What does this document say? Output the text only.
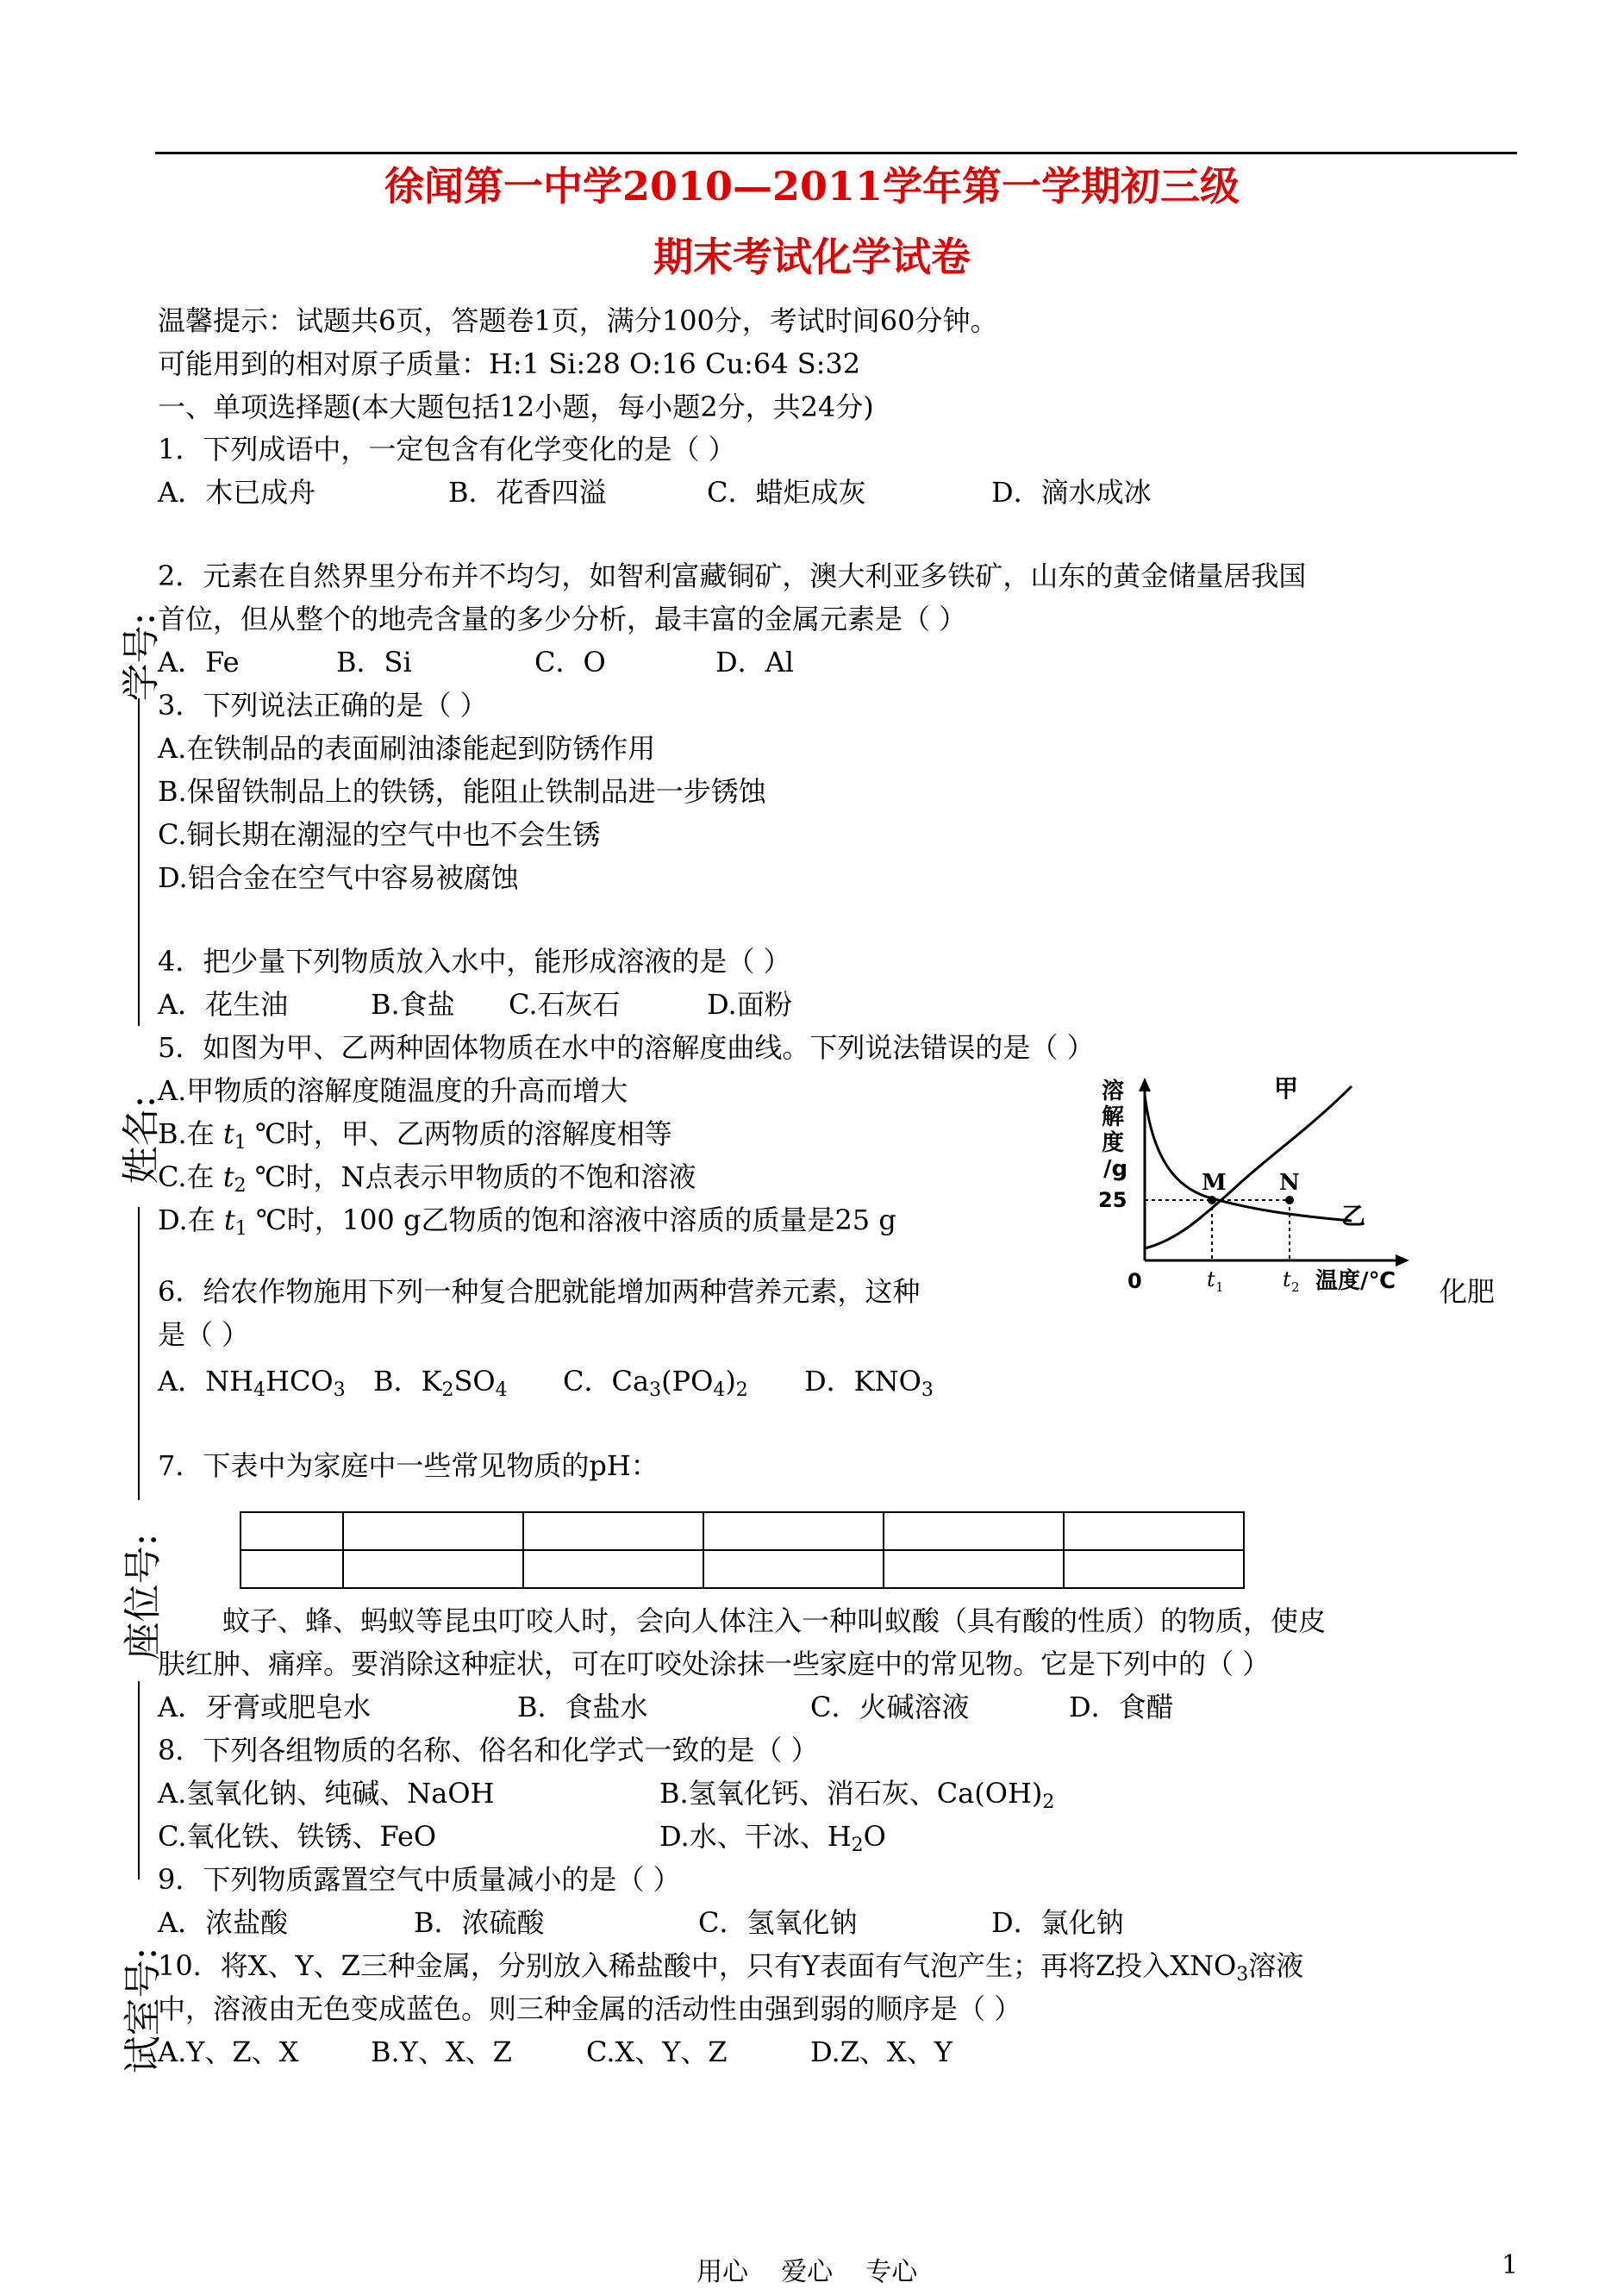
徐闻第一中学2010—2011学年第一学期初三级
期末考试化学试卷
学号:
姓名:
座位号:
试室号:
温馨提示：试题共6页，答题卷1页，满分100分，考试时间60分钟。
可能用到的相对原子质量：H:1 Si:28 O:16 Cu:64 S:32
一、单项选择题(本大题包括12小题，每小题2分，共24分)
1．下列成语中，一定包含有化学变化的是（ ）
A．木已成舟	B．花香四溢	C．蜡炬成灰	D．滴水成冰
2．元素在自然界里分布并不均匀，如智利富藏铜矿，澳大利亚多铁矿，山东的黄金储量居我国
首位，但从整个的地壳含量的多少分析，最丰富的金属元素是（ ）
A．Fe	B．Si	C．O	D．Al
3．下列说法正确的是（ ）
A.在铁制品的表面刷油漆能起到防锈作用
B.保留铁制品上的铁锈，能阻止铁制品进一步锈蚀
C.铜长期在潮湿的空气中也不会生锈
D.铝合金在空气中容易被腐蚀
4．把少量下列物质放入水中，能形成溶液的是（ ）
A．花生油	B.食盐 C.石灰石	D.面粉
5．如图为甲、乙两种固体物质在水中的溶解度曲线。下列说法错误的是（ ）
A.甲物质的溶解度随温度的升高而增大
B.在 $t_1$ ℃时，甲、乙两物质的溶解度相等
C.在 $t_2$ ℃时，N点表示甲物质的不饱和溶液
D.在 $t_1$ ℃时，100 g乙物质的饱和溶液中溶质的质量是25 g
溶
解
度
/g
0
25
M N
甲
乙
t 1	t 2 温度/℃
6．给农作物施用下列一种复合肥就能增加两种营养元素，这种	化肥
是（ ）
A．$NH_4HCO_3$ B．$K_2SO_4$ C．$Ca_3(PO_4)_2$ D．$KNO_3$
7．下表中为家庭中一些常见物质的pH：

蚊子、蜂、蚂蚁等昆虫叮咬人时，会向人体注入一种叫蚁酸（具有酸的性质）的物质，使皮
肤红肿、痛痒。要消除这种症状，可在叮咬处涂抹一些家庭中的常见物。它是下列中的（ ）
A．牙膏或肥皂水	B．食盐水	C．火碱溶液	D．食醋
8．下列各组物质的名称、俗名和化学式一致的是（ ）
A.氢氧化钠、纯碱、NaOH	B.氢氧化钙、消石灰、$Ca(OH)_2$
C.氧化铁、铁锈、FeO	D.水、干冰、$H_2O$
9．下列物质露置空气中质量减小的是（ ）
A．浓盐酸	B．浓硫酸	C．氢氧化钠	D．氯化钠
10．将X、Y、Z三种金属，分别放入稀盐酸中，只有Y表面有气泡产生；再将Z投入$XNO_3$溶液
中，溶液由无色变成蓝色。则三种金属的活动性由强到弱的顺序是（ ）
A.Y、Z、X	B.Y、X、Z	C.X、Y、Z	D.Z、X、Y
用心    爱心    专心	1
